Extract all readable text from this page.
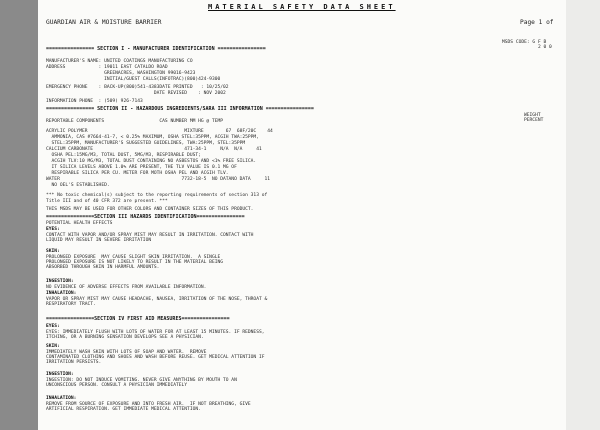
MATERIAL SAFETY DATA SHEET
GUARDIAN AIR & MOISTURE BARRIER	Page 1 of
MSDS CODE: G F B
2 0 0
================ SECTION I - MANUFACTURER IDENTIFICATION ================
MANUFACTURER'S NAME: UNITED COATINGS MANUFACTURING CO
ADDRESS            : 19011 EAST CATALDO ROAD
GREENACRES, WASHINGTON 99016-9423
INITIAL/GUEST CALLS(INFOTRAC)(800)424-9300
EMERGENCY PHONE    : BACK-UP(800)541-4383DATE PRINTED   : 10/25/02
DATE REVISED    : NOV 2002
INFORMATION PHONE  : (509) 926-7143
================ SECTION II - HAZARDOUS INGREDIENTS/SARA III INFORMATION ================
REPORTABLE COMPONENTS                    CAS NUMBER MM HG @ TEMP
WEIGHT
PERCENT
ACRYLIC POLYMER                                   MIXTURE        67  68F/20C    44
AMMONIA, CAS #7664-41-7, < 0.25% MAXIMUM, OSHA STEL:35PPM, ACGIH TWA:25PPM,
STEL:35PPM, MANUFACTURER'S SUGGESTED GUIDELINES, TWA:25PPM, STEL:35PPM
CALCIUM CARBONATE                                 471-34-1     N/A  N/A     41
OSHA PEL:15MG/M3, TOTAL DUST, 5MG/M3, RESPIRABLE DUST;
ACGIH TLV:10 MG/M3, TOTAL DUST CONTAINING NO ASBESTOS AND <1% FREE SILICA.
IT SILICA LEVELS ABOVE 1.0% ARE PRESENT, THE TLV VALUE IS 0.1 MG OF
RESPIRABLE SILICA PER CU. METER FOR MOTH OSHA PEL AND ACGIH TLV.
WATER                                            7732-18-5  NO DATANO DATA     11
NO OEL'S ESTABLISHED.
*** No toxic chemical(s) subject to the reporting requirements of section 313 of
Title III and of 40 CFR 372 are present. ***
THIS MSDS MAY BE USED FOR OTHER COLORS AND CONTAINER SIZES OF THIS PRODUCT.
================SECTION III HAZARDS IDENTIFICATION================
POTENTIAL HEALTH EFFECTS
EYES:
CONTACT WITH VAPOR AND/OR SPRAY MIST MAY RESULT IN IRRITATION. CONTACT WITH
LIQUID MAY RESULT IN SEVERE IRRITATION
SKIN:
PROLONGED EXPOSURE  MAY CAUSE SLIGHT SKIN IRRITATION.  A SINGLE
PROLONGED EXPOSURE IS NOT LIKELY TO RESULT IN THE MATERIAL BEING
ABSORBED THROUGH SKIN IN HARMFUL AMOUNTS.
INGESTION:
NO EVIDENCE OF ADVERSE EFFECTS FROM AVAILABLE INFORMATION.
INHALATION:
VAPOR OR SPRAY MIST MAY CAUSE HEADACHE, NAUSEA, IRRITATION OF THE NOSE, THROAT &
RESPIRATORY TRACT.
================SECTION IV FIRST AID MEASURES================
EYES:
EYES: IMMEDIATELY FLUSH WITH LOTS OF WATER FOR AT LEAST 15 MINUTES. IF REDNESS,
ITCHING, OR A BURNING SENSATION DEVELOPS SEE A PHYSICIAN.
SKIN:
IMMEDIATELY WASH SKIN WITH LOTS OF SOAP AND WATER.  REMOVE
CONTAMINATED CLOTHING AND SHOES AND WASH BEFORE REUSE. GET MEDICAL ATTENTION IF
IRRITATION PERSISTS.
INGESTION:
INGESTION: DO NOT INDUCE VOMITING. NEVER GIVE ANYTHING BY MOUTH TO AN
UNCONSCIOUS PERSON. CONSULT A PHYSICIAN IMMEDIATELY
INHALATION:
REMOVE FROM SOURCE OF EXPOSURE AND INTO FRESH AIR.  IF NOT BREATHING, GIVE
ARTIFICIAL RESPIRATION. GET IMMEDIATE MEDICAL ATTENTION.
